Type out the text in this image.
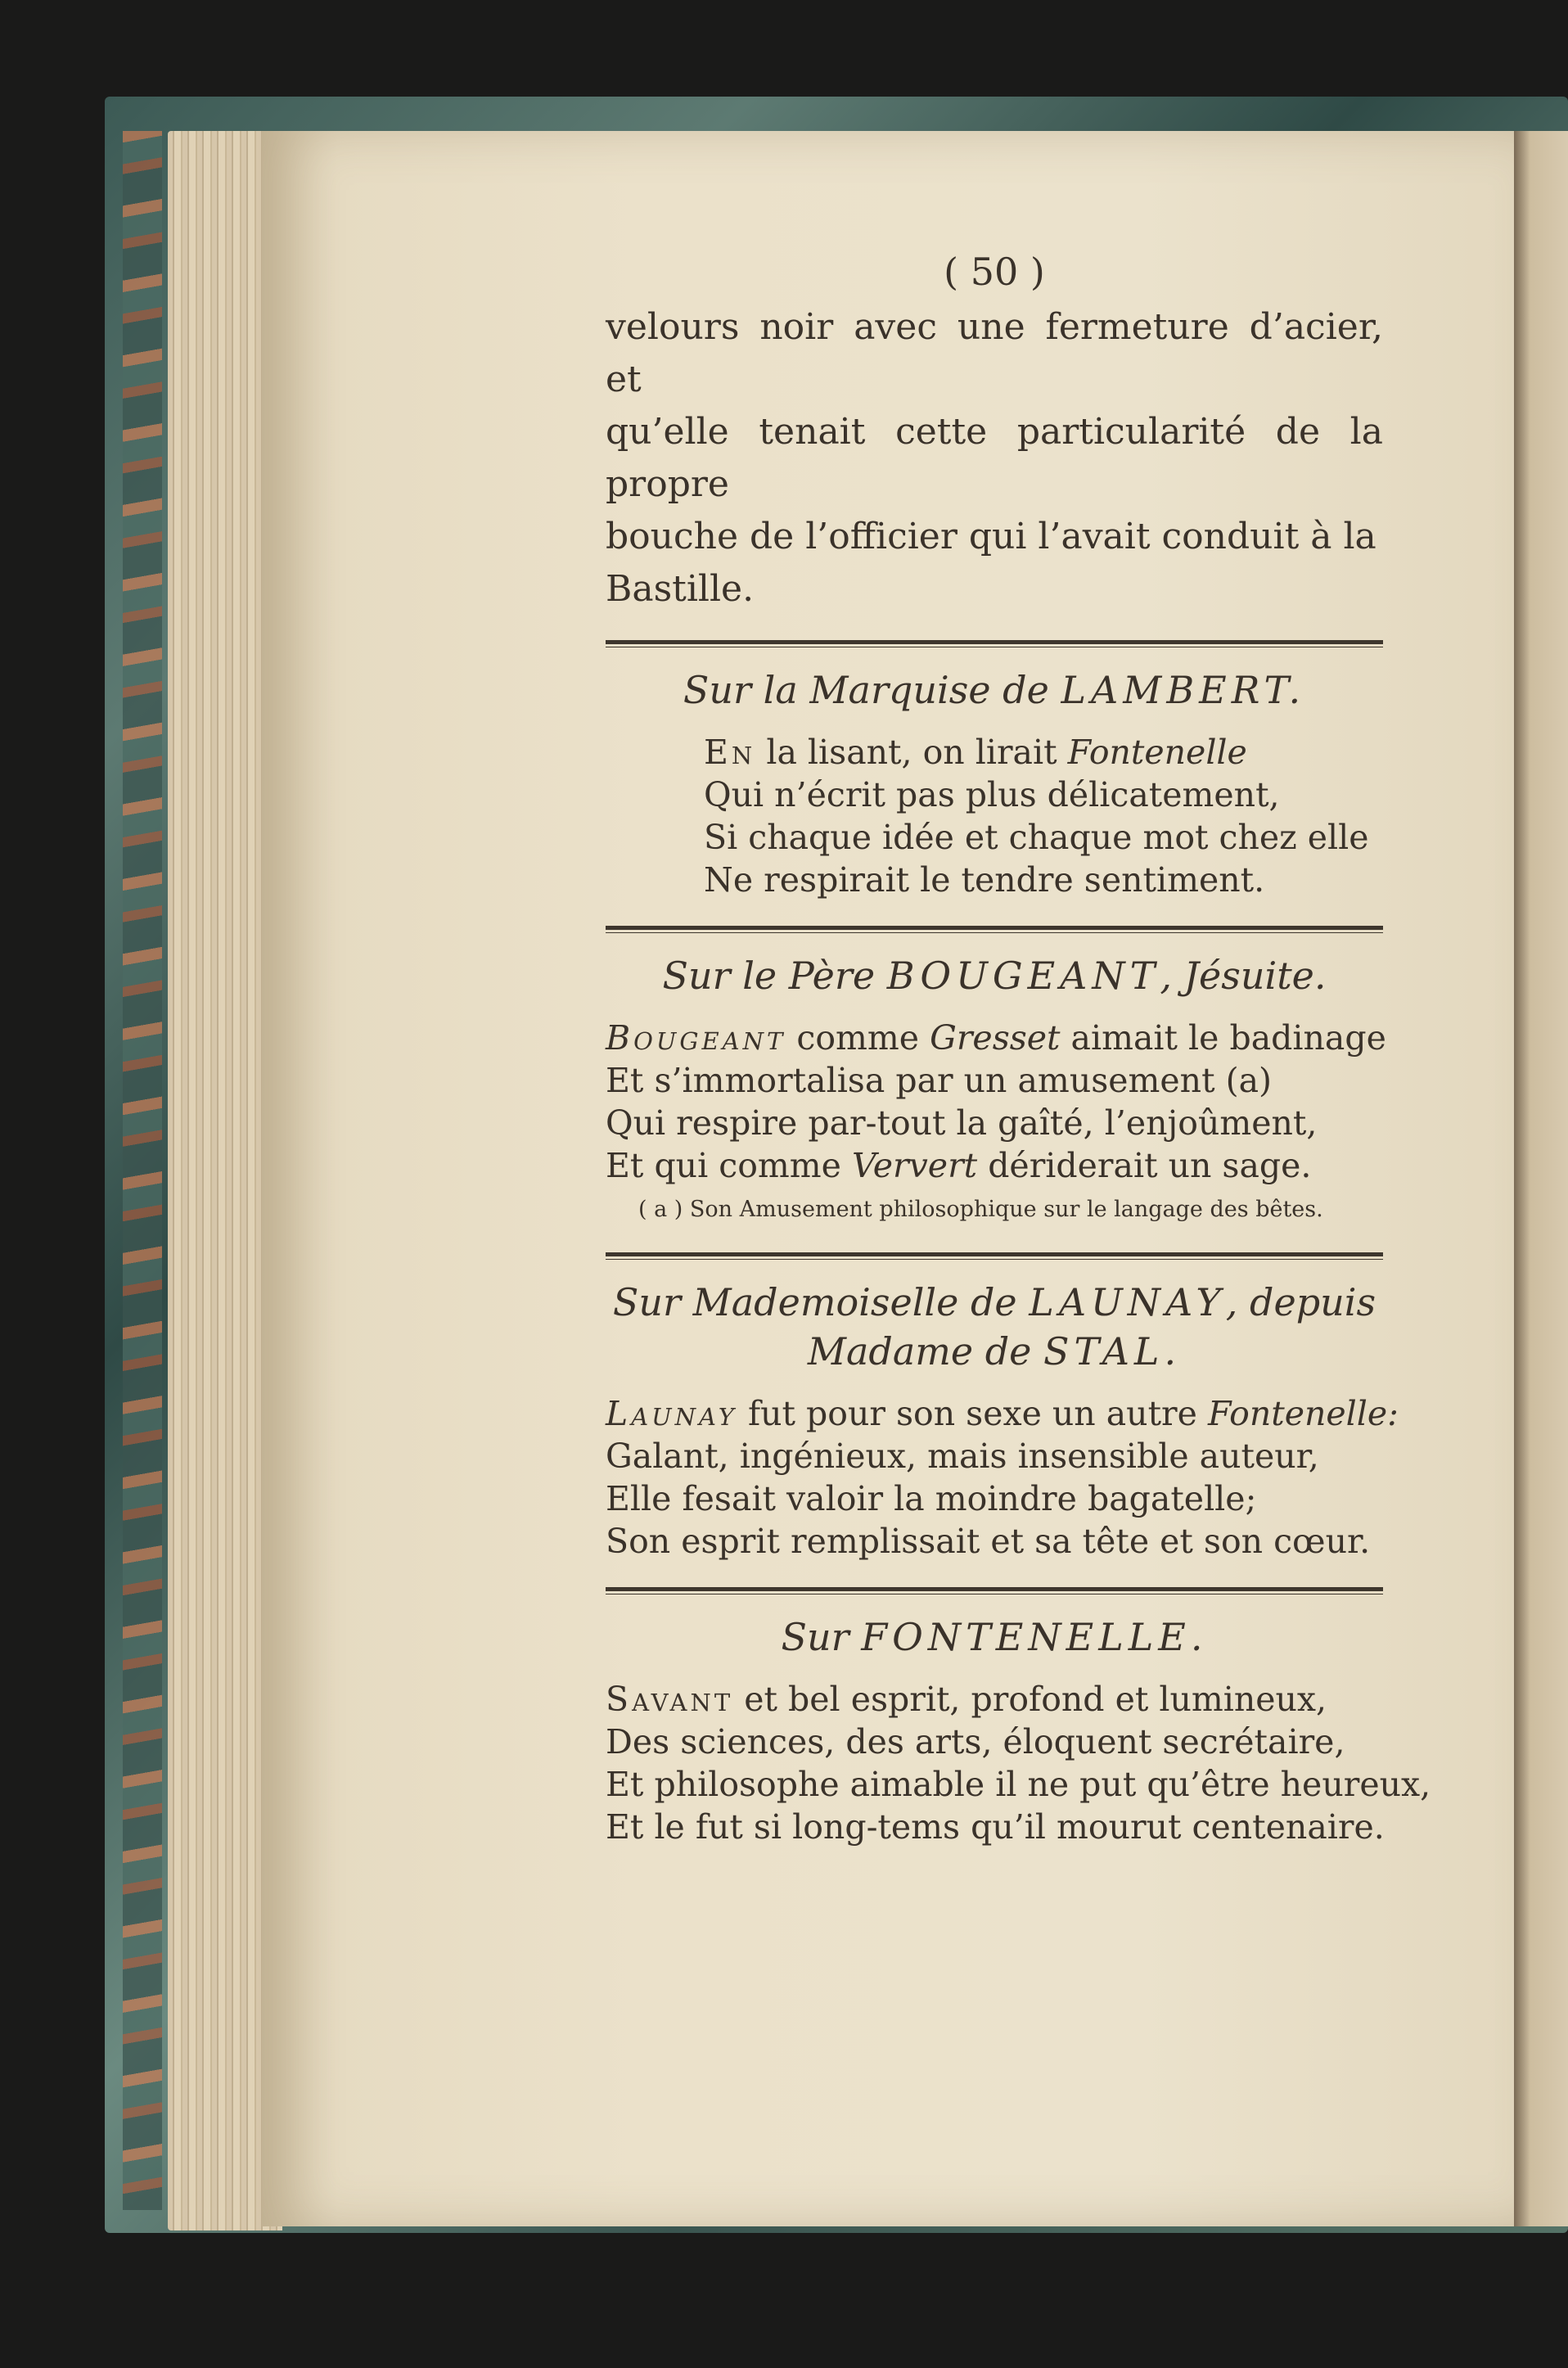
( 50 )
velours noir avec une fermeture d’acier, et
qu’elle tenait cette particularité de la propre
bouche de l’officier qui l’avait conduit à la
Bastille.
Sur la Marquise de LAMBERT.
En la lisant, on lirait Fontenelle
Qui n’écrit pas plus délicatement,
Si chaque idée et chaque mot chez elle
Ne respirait le tendre sentiment.
Sur le Père BOUGEANT, Jésuite.
Bougeant comme Gresset aimait le badinage
Et s’immortalisa par un amusement (a)
Qui respire par-tout la gaîté, l’enjoûment,
Et qui comme Ververt dériderait un sage.
( a ) Son Amusement philosophique sur le langage des bêtes.
Sur Mademoiselle de LAUNAY, depuis
Madame de STAL.
Launay fut pour son sexe un autre Fontenelle:
Galant, ingénieux, mais insensible auteur,
Elle fesait valoir la moindre bagatelle;
Son esprit remplissait et sa tête et son cœur.
Sur FONTENELLE.
Savant et bel esprit, profond et lumineux,
Des sciences, des arts, éloquent secrétaire,
Et philosophe aimable il ne put qu’être heureux,
Et le fut si long-tems qu’il mourut centenaire.
